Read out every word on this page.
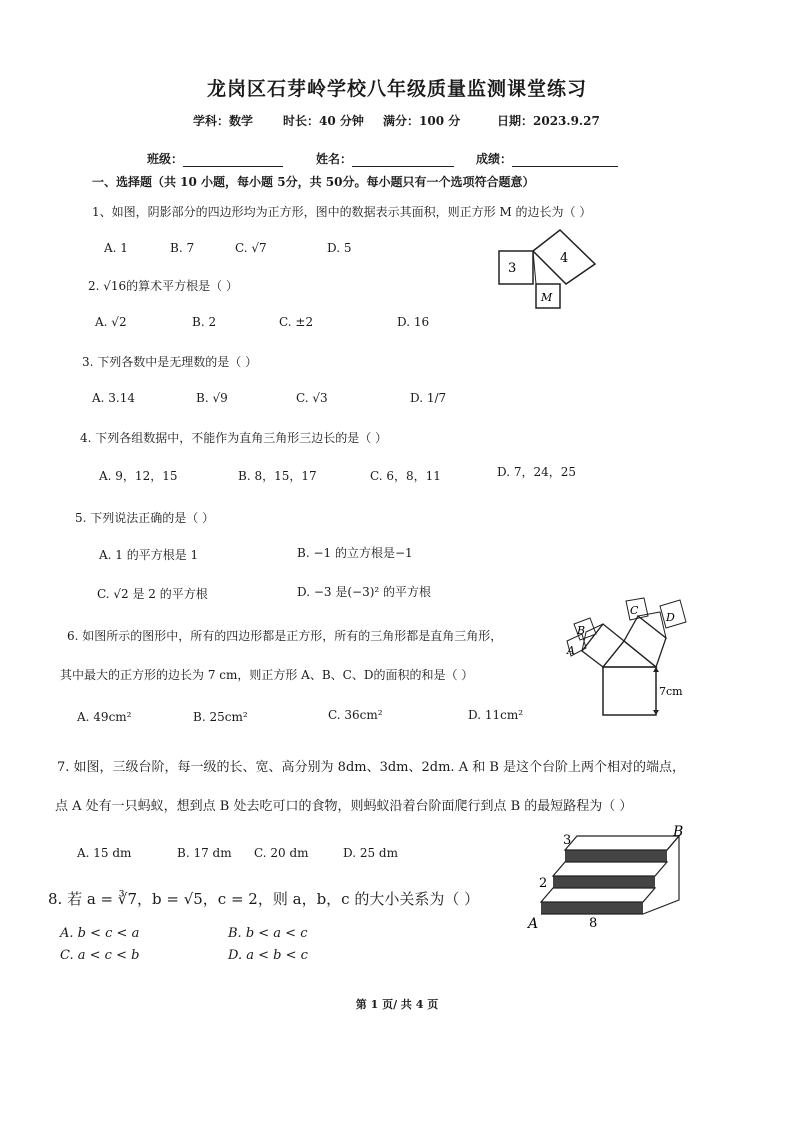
龙岗区石芽岭学校八年级质量监测课堂练习
学科：数学 时长：40 分钟 满分：100 分	日期：2023.9.27
班级：	姓名：	成绩：
一、选择题（共 10 小题，每小题 5分，共 50分。每小题只有一个选项符合题意）
1、如图，阴影部分的四边形均为正方形，图中的数据表示其面积，则正方形 M 的边长为（ ）
A. 1	B. 7	C. √7	D. 5
3
4
M
2. √16的算术平方根是（ ）
A. √2	B. 2	C. ±2	D. 16
3. 下列各数中是无理数的是（ ）
A. 3.14	B. √9	C. √3	D. 1/7
4. 下列各组数据中，不能作为直角三角形三边长的是（ ）
A. 9，12，15	B. 8，15，17	C. 6，8，11	D. 7，24，25
5. 下列说法正确的是（ ）
A. 1 的平方根是 1	B. −1 的立方根是−1
C. √2 是 2 的平方根	D. −3 是(−3)² 的平方根
6. 如图所示的图形中，所有的四边形都是正方形，所有的三角形都是直角三角形，
其中最大的正方形的边长为 7 cm，则正方形 A、B、C、D的面积的和是（ ）
A. 49cm²	B. 25cm²	C. 36cm²	D. 11cm²
A
B
C
D
7cm
7. 如图，三级台阶，每一级的长、宽、高分别为 8dm、3dm、2dm. A 和 B 是这个台阶上两个相对的端点，
点 A 处有一只蚂蚁，想到点 B 处去吃可口的食物，则蚂蚁沿着台阶面爬行到点 B 的最短路程为（ ）
A. 15 dm	B. 17 dm C. 20 dm	D. 25 dm
3
B
2
A	8
8. 若 a = ∛7，b = √5，c = 2，则 a，b，c 的大小关系为（ ）
A. b < c < a	B. b < a < c
C. a < c < b	D. a < b < c
第 1 页/ 共 4 页
